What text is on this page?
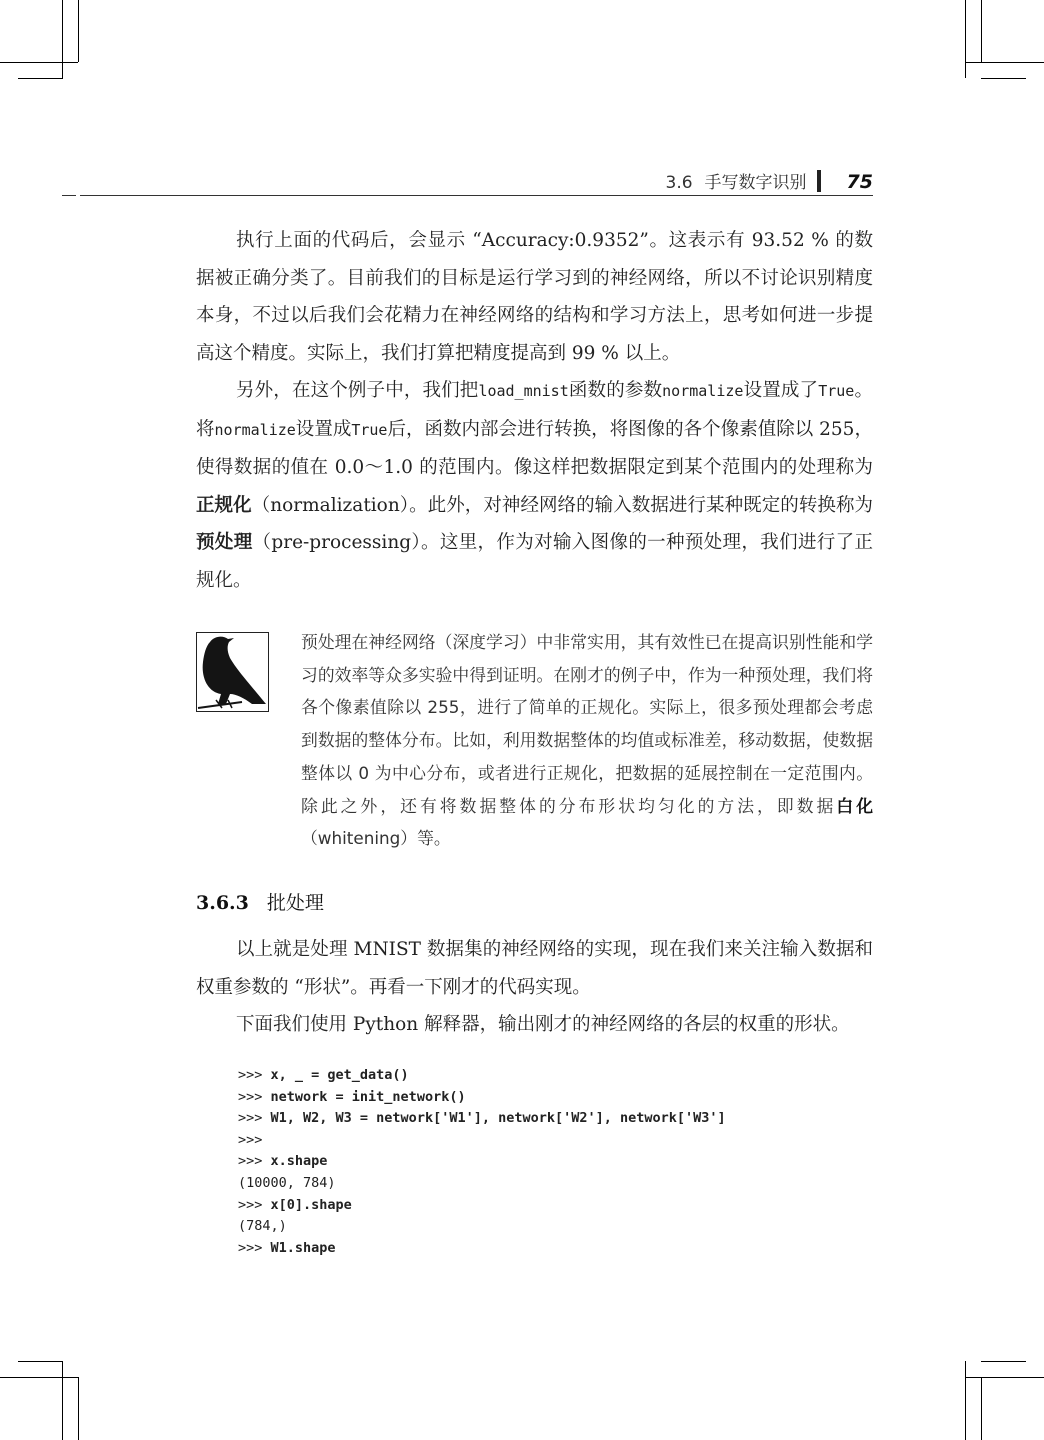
3.6 手写数字识别 75

执行上面的代码后，会显示 “Accuracy:0.9352”。这表示有 93.52 % 的数据被正确分类了。目前我们的目标是运行学习到的神经网络，所以不讨论识别精度本身，不过以后我们会花精力在神经网络的结构和学习方法上，思考如何进一步提高这个精度。实际上，我们打算把精度提高到 99 % 以上。

另外，在这个例子中，我们把load_mnist函数的参数normalize设置成了True。将normalize设置成True后，函数内部会进行转换，将图像的各个像素值除以 255，使得数据的值在 0.0～1.0 的范围内。像这样把数据限定到某个范围内的处理称为正规化（normalization）。此外，对神经网络的输入数据进行某种既定的转换称为预处理（pre-processing）。这里，作为对输入图像的一种预处理，我们进行了正规化。

预处理在神经网络（深度学习）中非常实用，其有效性已在提高识别性能和学习的效率等众多实验中得到证明。在刚才的例子中，作为一种预处理，我们将各个像素值除以 255，进行了简单的正规化。实际上，很多预处理都会考虑到数据的整体分布。比如，利用数据整体的均值或标准差，移动数据，使数据整体以 0 为中心分布，或者进行正规化，把数据的延展控制在一定范围内。除此之外，还有将数据整体的分布形状均匀化的方法，即数据白化（whitening）等。

3.6.3 批处理

以上就是处理 MNIST 数据集的神经网络的实现，现在我们来关注输入数据和权重参数的 “形状”。再看一下刚才的代码实现。

下面我们使用 Python 解释器，输出刚才的神经网络的各层的权重的形状。

>>> x, _ = get_data()
>>> network = init_network()
>>> W1, W2, W3 = network['W1'], network['W2'], network['W3']
>>>
>>> x.shape
(10000, 784)
>>> x[0].shape
(784,)
>>> W1.shape
